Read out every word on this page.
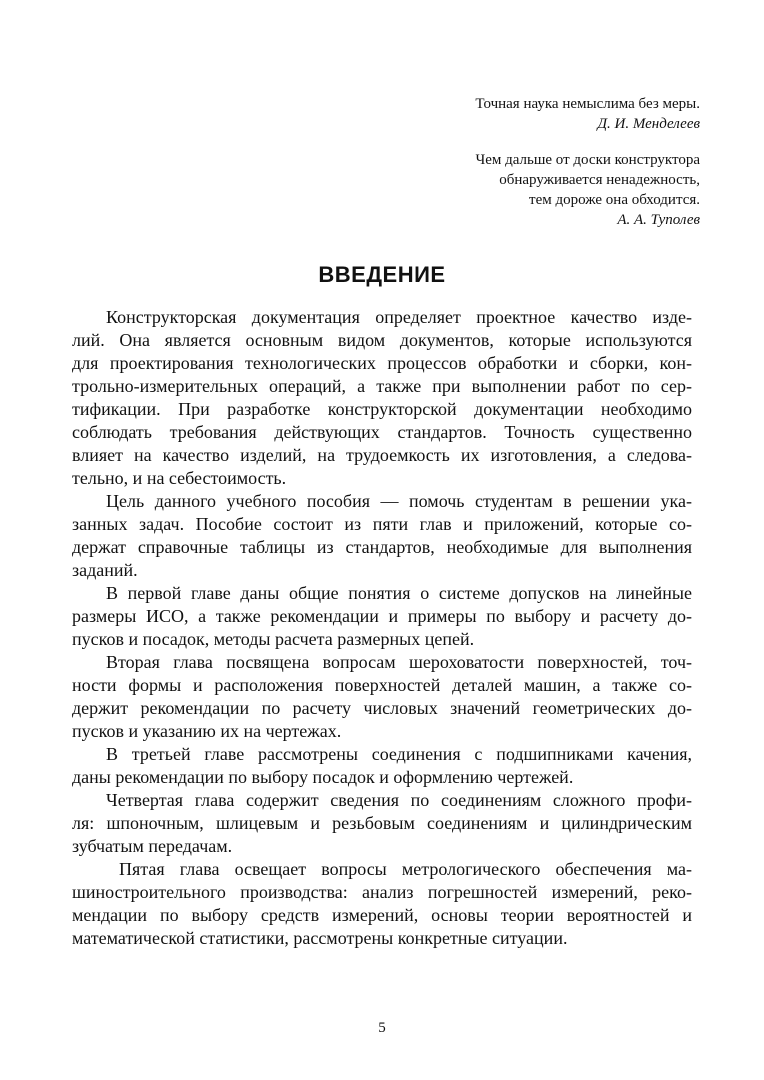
Точная наука немыслима без меры.
Д. И. Менделеев
Чем дальше от доски конструктора
обнаруживается ненадежность,
тем дороже она обходится.
А. А. Туполев
ВВЕДЕНИЕ
Конструкторская документация определяет проектное качество изде-
лий. Она является основным видом документов, которые используются
для проектирования технологических процессов обработки и сборки, кон-
трольно-измерительных операций, а также при выполнении работ по сер-
тификации. При разработке конструкторской документации необходимо
соблюдать требования действующих стандартов. Точность существенно
влияет на качество изделий, на трудоемкость их изготовления, а следова-
тельно, и на себестоимость.
Цель данного учебного пособия — помочь студентам в решении ука-
занных задач. Пособие состоит из пяти глав и приложений, которые со-
держат справочные таблицы из стандартов, необходимые для выполнения
заданий.
В первой главе даны общие понятия о системе допусков на линейные
размеры ИСО, а также рекомендации и примеры по выбору и расчету до-
пусков и посадок, методы расчета размерных цепей.
Вторая глава посвящена вопросам шероховатости поверхностей, точ-
ности формы и расположения поверхностей деталей машин, а также со-
держит рекомендации по расчету числовых значений геометрических до-
пусков и указанию их на чертежах.
В третьей главе рассмотрены соединения с подшипниками качения,
даны рекомендации по выбору посадок и оформлению чертежей.
Четвертая глава содержит сведения по соединениям сложного профи-
ля: шпоночным, шлицевым и резьбовым соединениям и цилиндрическим
зубчатым передачам.
Пятая глава освещает вопросы метрологического обеспечения ма-
шиностроительного производства: анализ погрешностей измерений, реко-
мендации по выбору средств измерений, основы теории вероятностей и
математической статистики, рассмотрены конкретные ситуации.
5
